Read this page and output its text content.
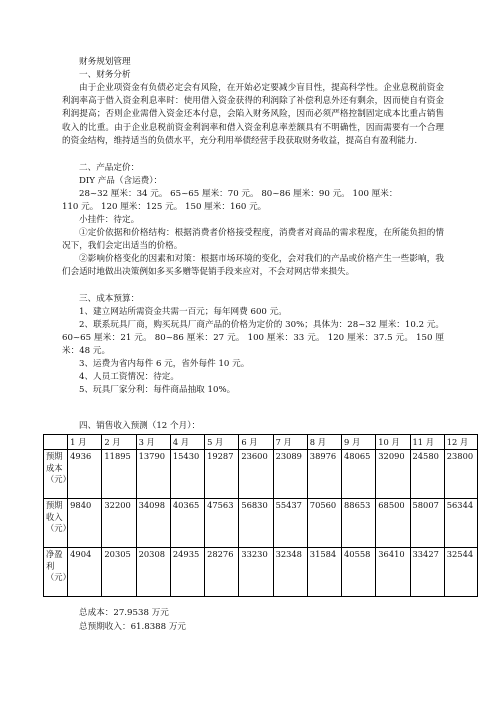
财务规划管理
一、财务分析
由于企业项资金有负债必定会有风险，在开始必定要减少盲目性，提高科学性。企业息税前资金利润率高于借入资金利息率时：使用借入资金获得的利润除了补偿利息外还有剩余，因而使自有资金利润提高；否则企业需借入资金还本付息，会陷入财务风险，因而必须严格控制固定成本比重占销售收入的比重。由于企业息税前资金利润率和借入资金利息率差额具有不明确性，因而需要有一个合理的资金结构，维持适当的负债水平，充分利用举债经营手段获取财务收益，提高自有盈利能力.
二、产品定价：
DIY 产品（含运费）：
28~32 厘米：34 元。 65~65 厘米：70 元。 80~86 厘米：90 元。 100 厘米：
110 元。 120 厘米：125 元。 150 厘米：160 元。
小挂件：待定。
①定价依据和价格结构：根据消费者价格接受程度，消费者对商品的需求程度，在所能负担的情况下，我们会定出适当的价格。
②影响价格变化的因素和对策：根据市场环境的变化，会对我们的产品或价格产生一些影响，我们会适时地做出决策例如多买多赠等促销手段来应对，不会对网店带来损失。
三、成本预算：
1、建立网站所需资金共需一百元；每年网费 600 元。
2、联系玩具厂商，购买玩具厂商产品的价格为定价的 30%；具体为：28~32 厘米：10.2 元。60~65 厘米：21 元。 80~86 厘米：27 元。 100 厘米：33 元。 120 厘米：37.5 元。 150 厘米：48 元。
3、运费为省内每件 6 元，省外每件 10 元。
4、人员工资情况：待定。
5、玩具厂家分利：每件商品抽取 10%。
四、销售收入预测（12 个月）：
	1 月	2 月	3 月	4 月	5 月	6 月	7 月	8 月	9 月	10 月	11 月	12 月
预期成本（元）	4936	11895	13790	15430	19287	23600	23089	38976	48065	32090	24580	23800
预期收入（元）	9840	32200	34098	40365	47563	56830	55437	70560	88653	68500	58007	56344
净盈利（元）	4904	20305	20308	24935	28276	33230	32348	31584	40558	36410	33427	32544
总成本：27.9538 万元
总预期收入：61.8388 万元
